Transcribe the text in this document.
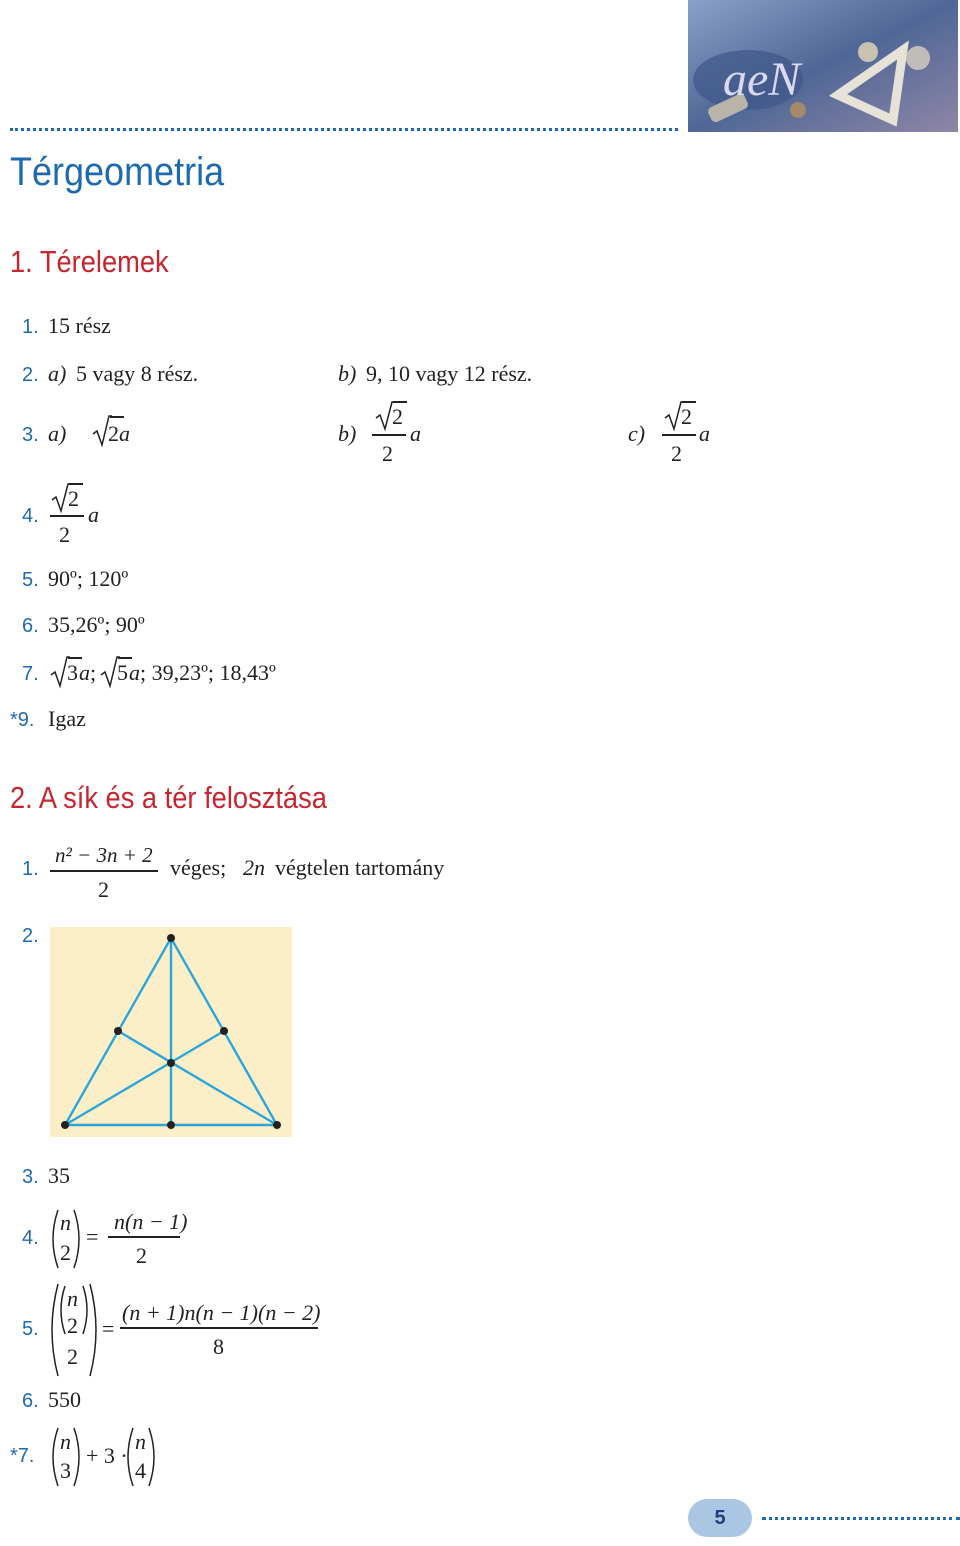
aeN
Térgeometria
1. Térelemek
1. 15 rész
2. a) 5 vagy 8 rész.	b) 9, 10 vagy 12 rész.
3. a) 2 a	b)
2
2
a	c)
2
2
a
4.
2
2
a
5. 90º; 120º
6. 35,26º; 90º
7. 3 a ; 5 a ; 39,23º; 18,43º
*9. Igaz
2. A sík és a tér felosztása
1.
n² − 3n + 2
2
véges; 2n végtelen tartomány
2.
3. 35
4.
n
2
=
n(n − 1)
2
5.
n
2
2
=
(n + 1)n(n − 1)(n − 2)
8
6. 550
*7.
n
3
+ 3 ·
n
4
5
